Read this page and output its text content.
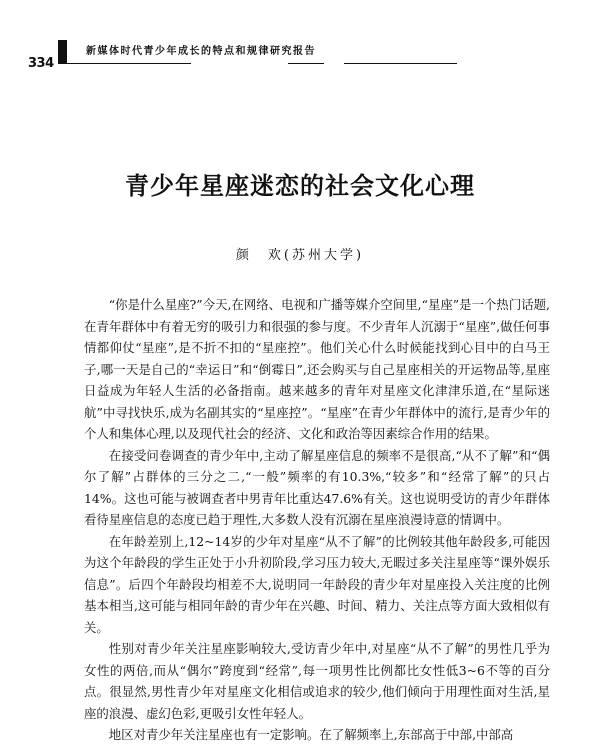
334
新媒体时代青少年成长的特点和规律研究报告
青少年星座迷恋的社会文化心理
颜　欢(苏州大学)

“你是什么星座?”今天,在网络、电视和广播等媒介空间里,“星座”是一个热门话题,在青年群体中有着无穷的吸引力和很强的参与度。不少青年人沉溺于“星座”,做任何事情都仰仗“星座”,是不折不扣的“星座控”。他们关心什么时候能找到心目中的白马王子,哪一天是自己的“幸运日”和“倒霉日”,还会购买与自己星座相关的开运物品等,星座日益成为年轻人生活的必备指南。越来越多的青年对星座文化津津乐道,在“星际迷航”中寻找快乐,成为名副其实的“星座控”。“星座”在青少年群体中的流行,是青少年的个人和集体心理,以及现代社会的经济、文化和政治等因素综合作用的结果。

在接受问卷调查的青少年中,主动了解星座信息的频率不是很高,“从不了解”和“偶尔了解”占群体的三分之二,“一般”频率的有10.3%,“较多”和“经常了解”的只占14%。这也可能与被调查者中男青年比重达47.6%有关。这也说明受访的青少年群体看待星座信息的态度已趋于理性,大多数人没有沉溺在星座浪漫诗意的情调中。

在年龄差别上,12~14岁的少年对星座“从不了解”的比例较其他年龄段多,可能因为这个年龄段的学生正处于小升初阶段,学习压力较大,无暇过多关注星座等“课外娱乐信息”。后四个年龄段均相差不大,说明同一年龄段的青少年对星座投入关注度的比例基本相当,这可能与相同年龄的青少年在兴趣、时间、精力、关注点等方面大致相似有关。

性别对青少年关注星座影响较大,受访青少年中,对星座“从不了解”的男性几乎为女性的两倍,而从“偶尔”跨度到“经常”,每一项男性比例都比女性低3~6不等的百分点。很显然,男性青少年对星座文化相信或追求的较少,他们倾向于用理性面对生活,星座的浪漫、虚幻色彩,更吸引女性年轻人。

地区对青少年关注星座也有一定影响。在了解频率上,东部高于中部,中部高
